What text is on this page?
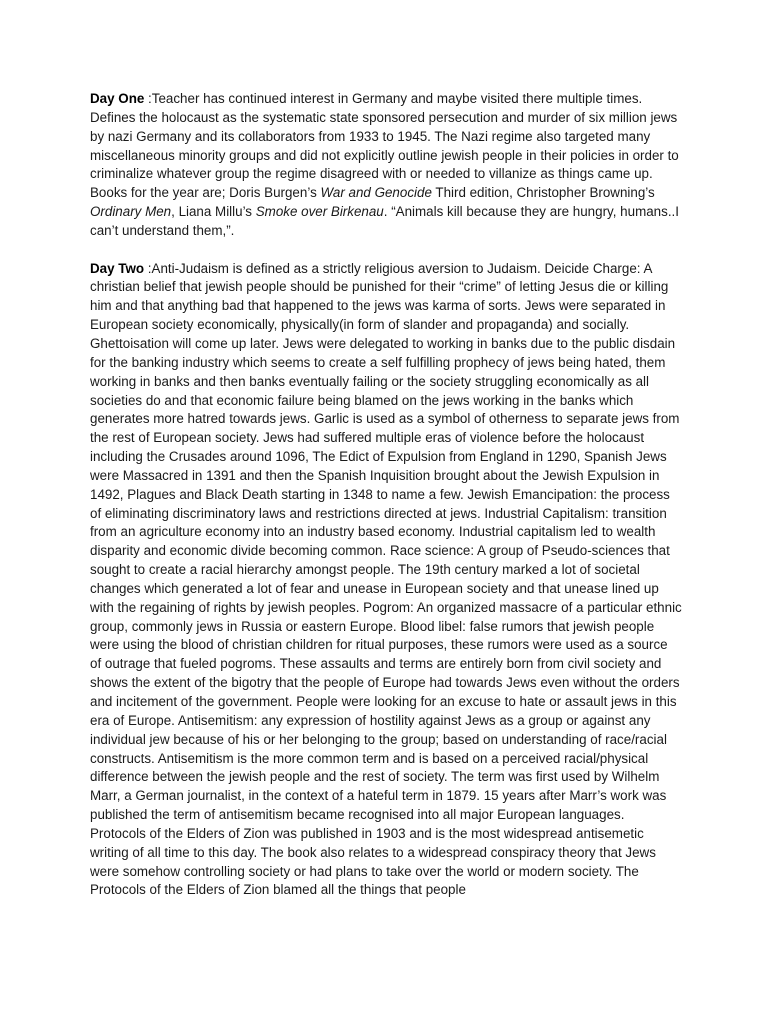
Day One :Teacher has continued interest in Germany and maybe visited there multiple times. Defines the holocaust as the systematic state sponsored persecution and murder of six million jews by nazi Germany and its collaborators from 1933 to 1945. The Nazi regime also targeted many miscellaneous minority groups and did not explicitly outline jewish people in their policies in order to criminalize whatever group the regime disagreed with or needed to villanize as things came up. Books for the year are; Doris Burgen’s War and Genocide Third edition, Christopher Browning’s Ordinary Men, Liana Millu’s Smoke over Birkenau. “Animals kill because they are hungry, humans..I can’t understand them,”.

Day Two :Anti-Judaism is defined as a strictly religious aversion to Judaism. Deicide Charge: A christian belief that jewish people should be punished for their “crime” of letting Jesus die or killing him and that anything bad that happened to the jews was karma of sorts. Jews were separated in European society economically, physically(in form of slander and propaganda) and socially. Ghettoisation will come up later. Jews were delegated to working in banks due to the public disdain for the banking industry which seems to create a self fulfilling prophecy of jews being hated, them working in banks and then banks eventually failing or the society struggling economically as all societies do and that economic failure being blamed on the jews working in the banks which generates more hatred towards jews. Garlic is used as a symbol of otherness to separate jews from the rest of European society. Jews had suffered multiple eras of violence before the holocaust including the Crusades around 1096, The Edict of Expulsion from England in 1290, Spanish Jews were Massacred in 1391 and then the Spanish Inquisition brought about the Jewish Expulsion in 1492, Plagues and Black Death starting in 1348 to name a few. Jewish Emancipation: the process of eliminating discriminatory laws and restrictions directed at jews. Industrial Capitalism: transition from an agriculture economy into an industry based economy. Industrial capitalism led to wealth disparity and economic divide becoming common. Race science: A group of Pseudo-sciences that sought to create a racial hierarchy amongst people. The 19th century marked a lot of societal changes which generated a lot of fear and unease in European society and that unease lined up with the regaining of rights by jewish peoples. Pogrom: An organized massacre of a particular ethnic group, commonly jews in Russia or eastern Europe. Blood libel: false rumors that jewish people were using the blood of christian children for ritual purposes, these rumors were used as a source of outrage that fueled pogroms. These assaults and terms are entirely born from civil society and shows the extent of the bigotry that the people of Europe had towards Jews even without the orders and incitement of the government. People were looking for an excuse to hate or assault jews in this era of Europe. Antisemitism: any expression of hostility against Jews as a group or against any individual jew because of his or her belonging to the group; based on understanding of race/racial constructs. Antisemitism is the more common term and is based on a perceived racial/physical difference between the jewish people and the rest of society. The term was first used by Wilhelm Marr, a German journalist, in the context of a hateful term in 1879. 15 years after Marr’s work was published the term of antisemitism became recognised into all major European languages. Protocols of the Elders of Zion was published in 1903 and is the most widespread antisemetic writing of all time to this day. The book also relates to a widespread conspiracy theory that Jews were somehow controlling society or had plans to take over the world or modern society. The Protocols of the Elders of Zion blamed all the things that people
